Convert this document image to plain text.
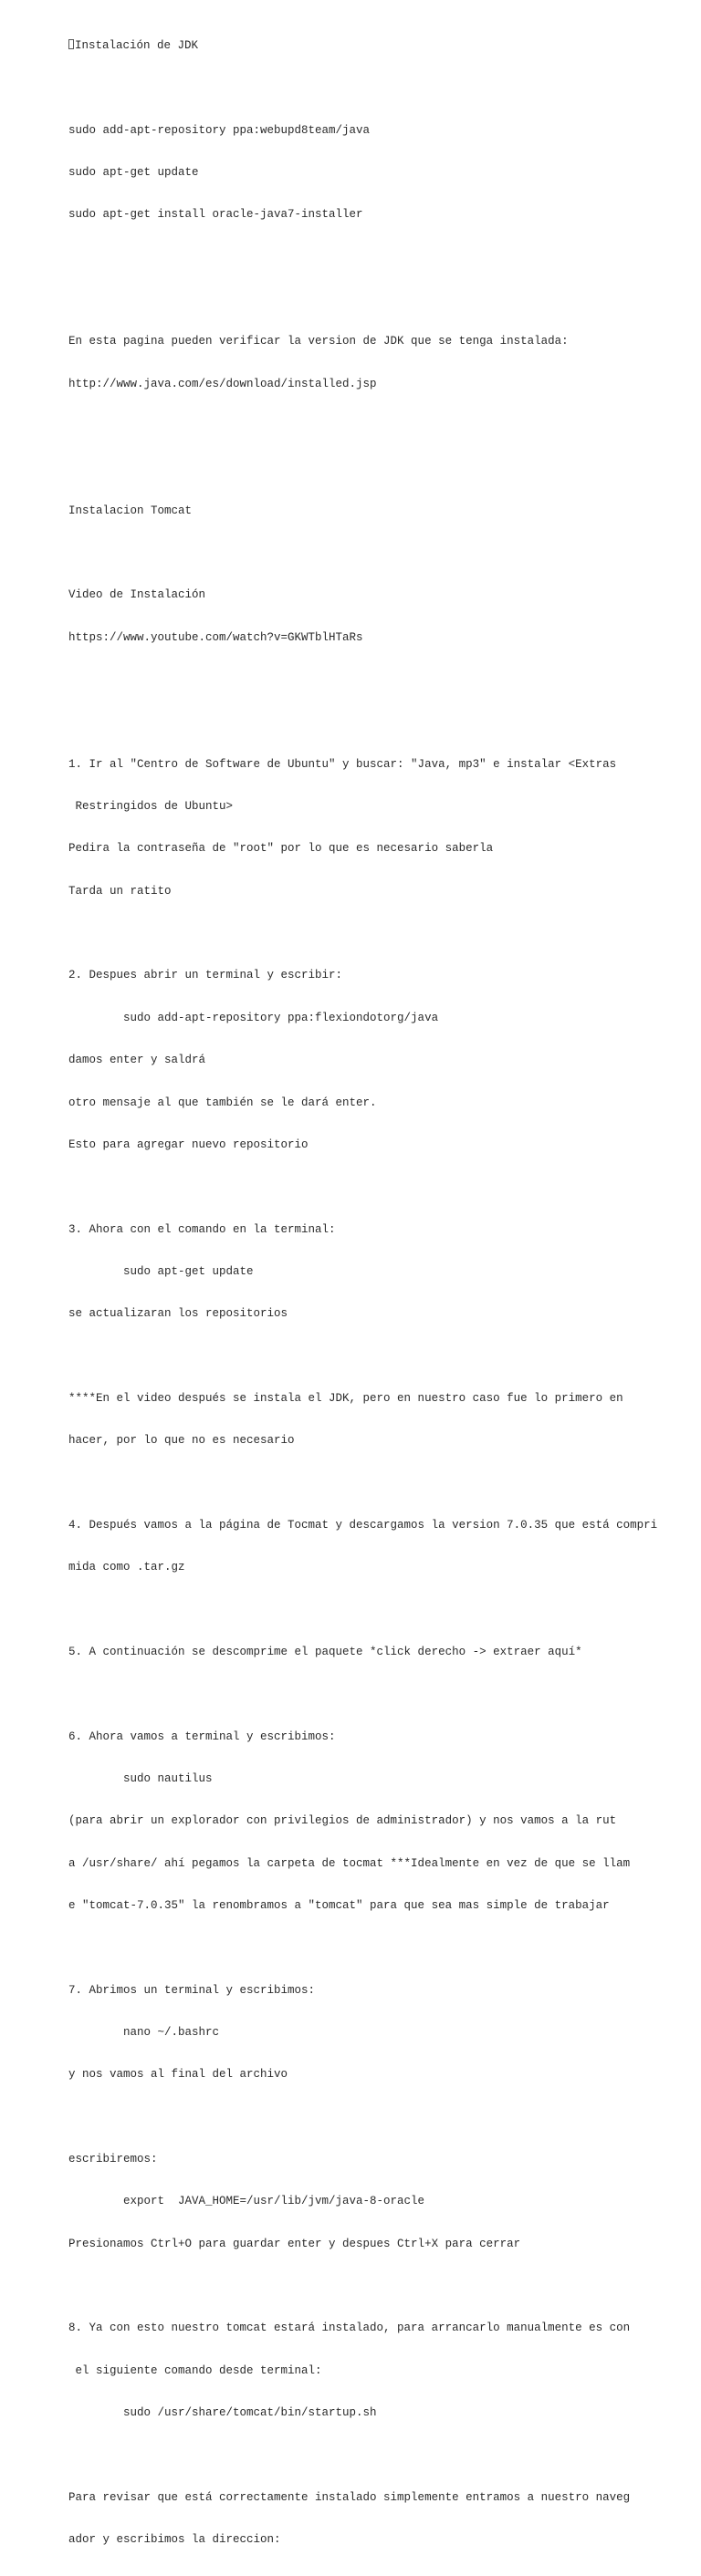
Instalación de JDK

sudo add-apt-repository ppa:webupd8team/java

sudo apt-get update

sudo apt-get install oracle-java7-installer

En esta pagina pueden verificar la version de JDK que se tenga instalada:

http://www.java.com/es/download/installed.jsp

Instalacion Tomcat

Video de Instalación

https://www.youtube.com/watch?v=GKWTblHTaRs

1. Ir al "Centro de Software de Ubuntu" y buscar: "Java, mp3" e instalar <Extras

Restringidos de Ubuntu>

Pedira la contraseña de "root" por lo que es necesario saberla

Tarda un ratito

2. Despues abrir un terminal y escribir:

sudo add-apt-repository ppa:flexiondotorg/java

damos enter y saldrá

otro mensaje al que también se le dará enter.

Esto para agregar nuevo repositorio

3. Ahora con el comando en la terminal:

sudo apt-get update

se actualizaran los repositorios

****En el video después se instala el JDK, pero en nuestro caso fue lo primero en

hacer, por lo que no es necesario

4. Después vamos a la página de Tocmat y descargamos la version 7.0.35 que está compri

mida como .tar.gz

5. A continuación se descomprime el paquete *click derecho -> extraer aquí*

6. Ahora vamos a terminal y escribimos:

sudo nautilus

(para abrir un explorador con privilegios de administrador) y nos vamos a la rut

a /usr/share/ ahí pegamos la carpeta de tocmat ***Idealmente en vez de que se llam

e "tomcat-7.0.35" la renombramos a "tomcat" para que sea mas simple de trabajar

7. Abrimos un terminal y escribimos:

nano ~/.bashrc

y nos vamos al final del archivo

escribiremos:

export  JAVA_HOME=/usr/lib/jvm/java-8-oracle

Presionamos Ctrl+O para guardar enter y despues Ctrl+X para cerrar

8. Ya con esto nuestro tomcat estará instalado, para arrancarlo manualmente es con

el siguiente comando desde terminal:

sudo /usr/share/tomcat/bin/startup.sh

Para revisar que está correctamente instalado simplemente entramos a nuestro naveg

ador y escribimos la direccion:
